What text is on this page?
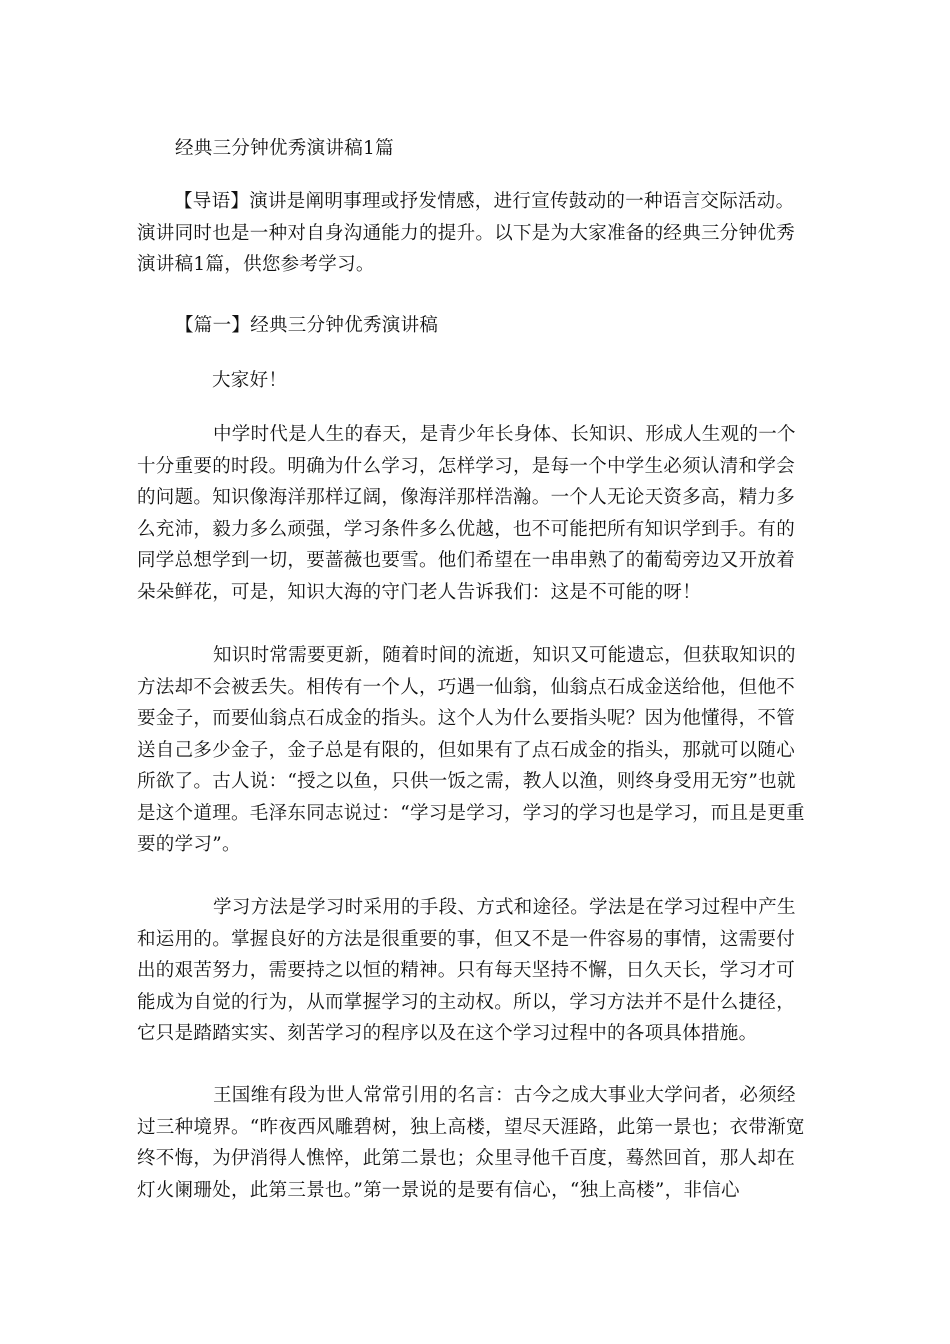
经典三分钟优秀演讲稿1篇

【导语】演讲是阐明事理或抒发情感，进行宣传鼓动的一种语言交际活动。演讲同时也是一种对自身沟通能力的提升。以下是为大家准备的经典三分钟优秀演讲稿1篇，供您参考学习。

【篇一】经典三分钟优秀演讲稿

大家好！

中学时代是人生的春天，是青少年长身体、长知识、形成人生观的一个十分重要的时段。明确为什么学习，怎样学习，是每一个中学生必须认清和学会的问题。知识像海洋那样辽阔，像海洋那样浩瀚。一个人无论天资多高，精力多么充沛，毅力多么顽强，学习条件多么优越，也不可能把所有知识学到手。有的同学总想学到一切，要蔷薇也要雪。他们希望在一串串熟了的葡萄旁边又开放着朵朵鲜花，可是，知识大海的守门老人告诉我们：这是不可能的呀！

知识时常需要更新，随着时间的流逝，知识又可能遗忘，但获取知识的方法却不会被丢失。相传有一个人，巧遇一仙翁，仙翁点石成金送给他，但他不要金子，而要仙翁点石成金的指头。这个人为什么要指头呢？因为他懂得，不管送自己多少金子，金子总是有限的，但如果有了点石成金的指头，那就可以随心所欲了。古人说：“授之以鱼，只供一饭之需，教人以渔，则终身受用无穷”也就是这个道理。毛泽东同志说过：“学习是学习，学习的学习也是学习，而且是更重要的学习”。

学习方法是学习时采用的手段、方式和途径。学法是在学习过程中产生和运用的。掌握良好的方法是很重要的事，但又不是一件容易的事情，这需要付出的艰苦努力，需要持之以恒的精神。只有每天坚持不懈，日久天长，学习才可能成为自觉的行为，从而掌握学习的主动权。所以，学习方法并不是什么捷径，它只是踏踏实实、刻苦学习的程序以及在这个学习过程中的各项具体措施。

王国维有段为世人常常引用的名言：古今之成大事业大学问者，必须经过三种境界。“昨夜西风雕碧树，独上高楼，望尽天涯路，此第一景也；衣带渐宽终不悔，为伊消得人憔悴，此第二景也；众里寻他千百度，蓦然回首，那人却在灯火阑珊处，此第三景也。”第一景说的是要有信心，“独上高楼”，非信心
